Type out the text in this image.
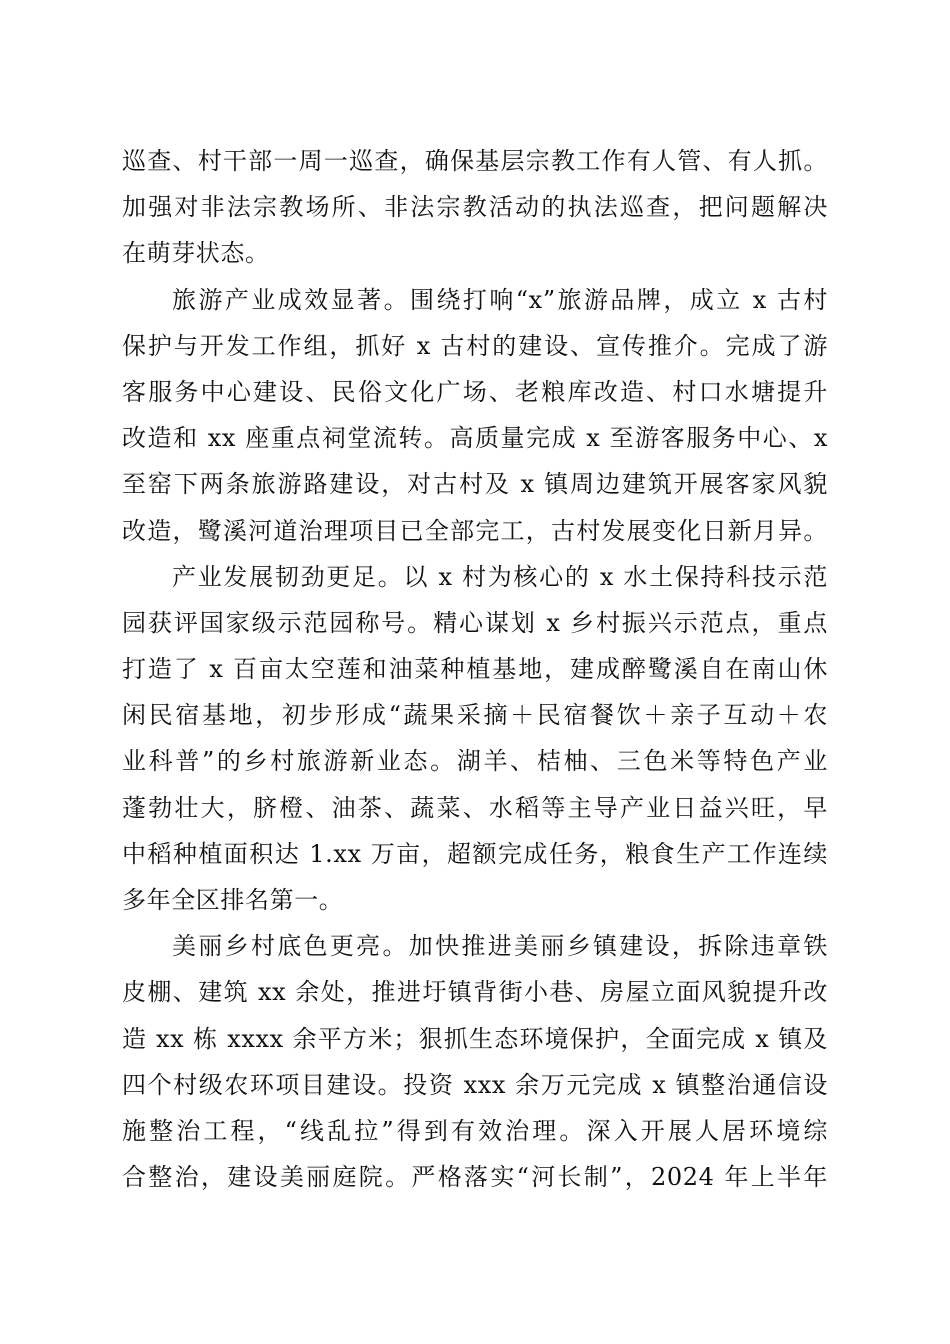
巡查、村干部一周一巡查，确保基层宗教工作有人管、有人抓。
加强对非法宗教场所、非法宗教活动的执法巡查，把问题解决
在萌芽状态。
旅游产业成效显著。围绕打响“x”旅游品牌，成立 x 古村
保护与开发工作组，抓好 x 古村的建设、宣传推介。完成了游
客服务中心建设、民俗文化广场、老粮库改造、村口水塘提升
改造和 xx 座重点祠堂流转。高质量完成 x 至游客服务中心、x
至窑下两条旅游路建设，对古村及 x 镇周边建筑开展客家风貌
改造，鹭溪河道治理项目已全部完工，古村发展变化日新月异。
产业发展韧劲更足。以 x 村为核心的 x 水土保持科技示范
园获评国家级示范园称号。精心谋划 x 乡村振兴示范点，重点
打造了 x 百亩太空莲和油菜种植基地，建成醉鹭溪自在南山休
闲民宿基地，初步形成“蔬果采摘＋民宿餐饮＋亲子互动＋农
业科普”的乡村旅游新业态。湖羊、桔柚、三色米等特色产业
蓬勃壮大，脐橙、油茶、蔬菜、水稻等主导产业日益兴旺，早
中稻种植面积达 1.xx 万亩，超额完成任务，粮食生产工作连续
多年全区排名第一。
美丽乡村底色更亮。加快推进美丽乡镇建设，拆除违章铁
皮棚、建筑 xx 余处，推进圩镇背街小巷、房屋立面风貌提升改
造 xx 栋 xxxx 余平方米；狠抓生态环境保护，全面完成 x 镇及
四个村级农环项目建设。投资 xxx 余万元完成 x 镇整治通信设
施整治工程，“线乱拉”得到有效治理。深入开展人居环境综
合整治，建设美丽庭院。严格落实“河长制”，2024 年上半年
